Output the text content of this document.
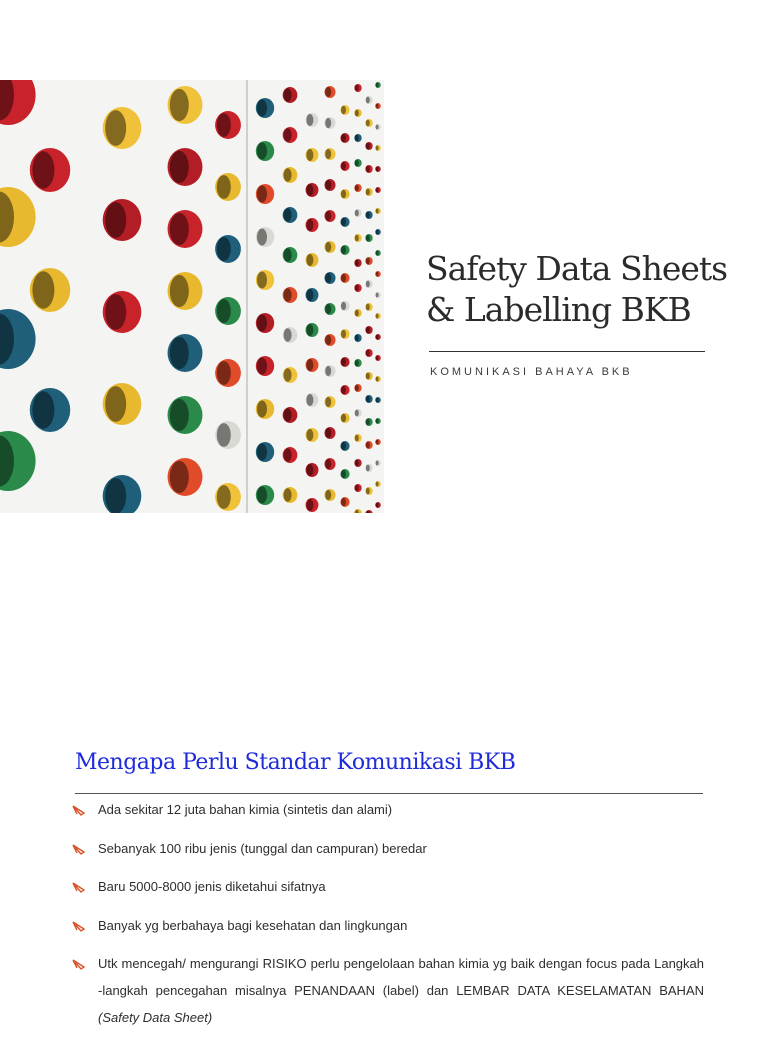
Safety Data Sheets
& Labelling BKB
KOMUNIKASI BAHAYA BKB
Mengapa Perlu Standar Komunikasi BKB
Ada sekitar 12 juta bahan kimia (sintetis dan alami)
Sebanyak 100 ribu jenis (tunggal dan campuran) beredar
Baru 5000-8000 jenis diketahui sifatnya
Banyak yg berbahaya bagi kesehatan dan lingkungan
Utk mencegah/ mengurangi RISIKO perlu pengelolaan bahan kimia yg baik dengan focus pada Langkah -langkah pencegahan misalnya PENANDAAN (label) dan LEMBAR DATA KESELAMATAN BAHAN (Safety Data Sheet)
